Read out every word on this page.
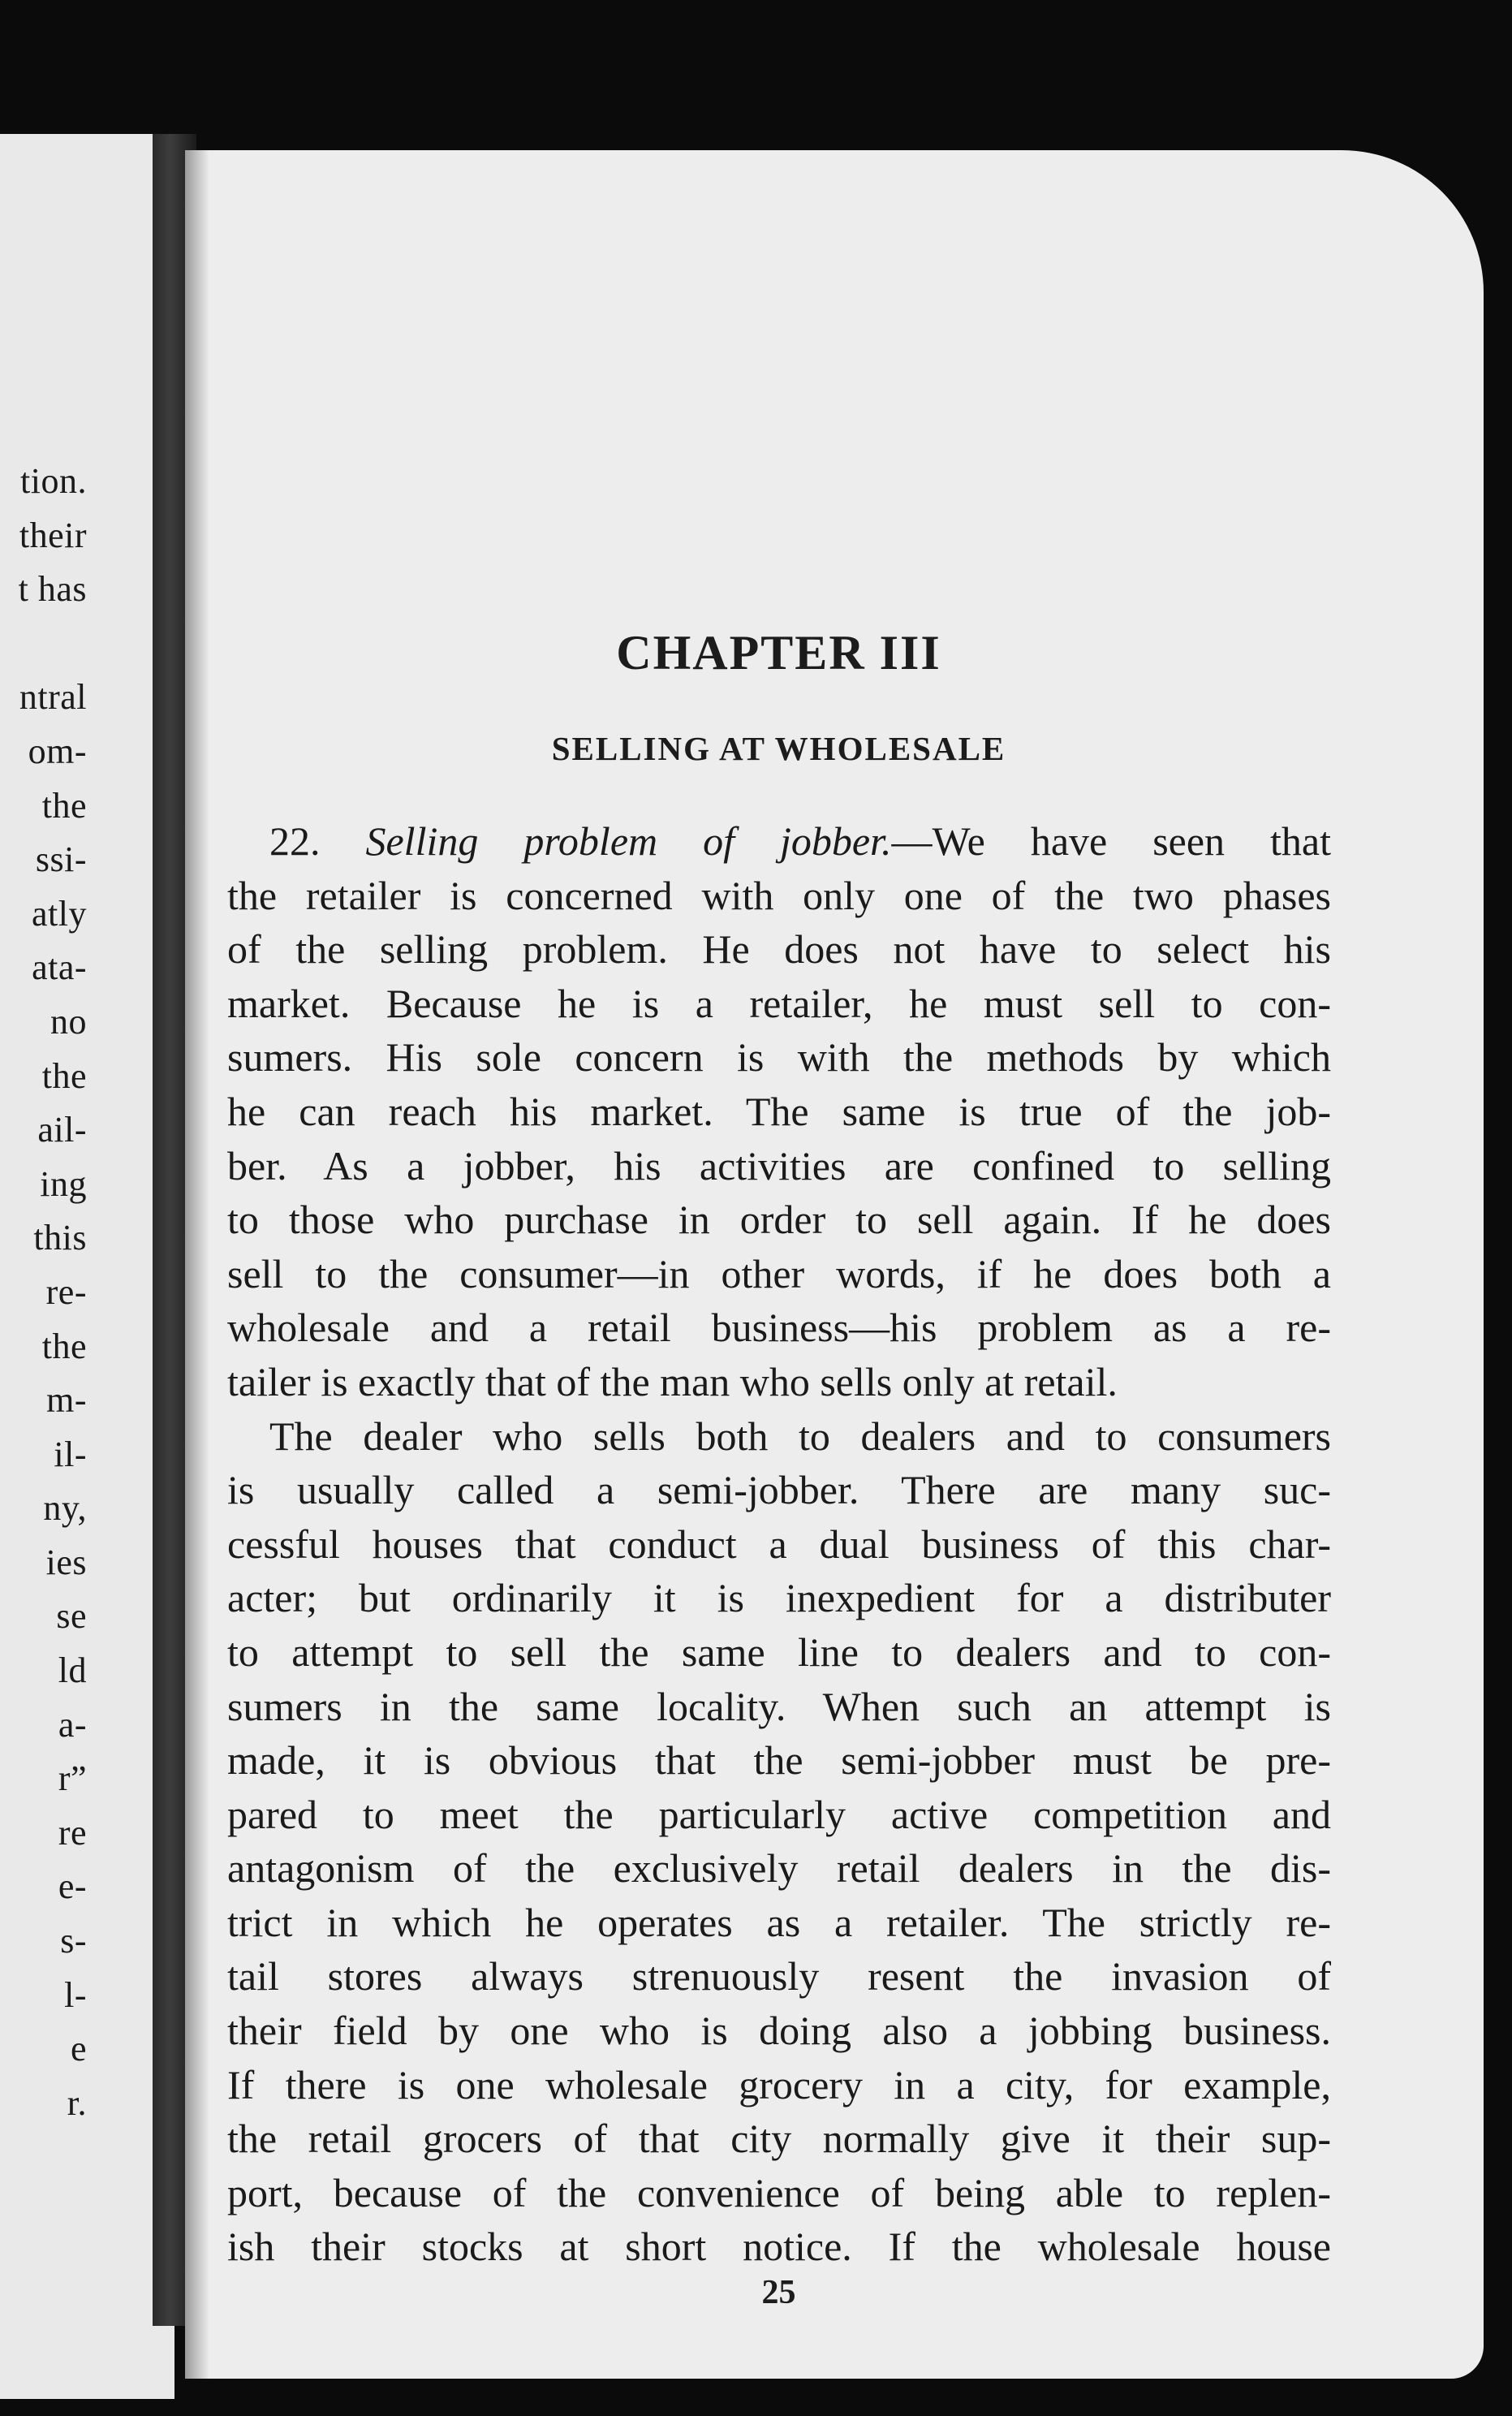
tion.
their
t has

ntral
om-
the
ssi-
atly
ata-
no
the
ail-
ing
this
re-
the
m-
il-
ny,
ies
se
ld
a-
r”
re
e-
s-
l-
e
r.
CHAPTER III
SELLING AT WHOLESALE
22. Selling problem of jobber.—We have seen that
the retailer is concerned with only one of the two phases
of the selling problem. He does not have to select his
market. Because he is a retailer, he must sell to con-
sumers. His sole concern is with the methods by which
he can reach his market. The same is true of the job-
ber. As a jobber, his activities are confined to selling
to those who purchase in order to sell again. If he does
sell to the consumer—in other words, if he does both a
wholesale and a retail business—his problem as a re-
tailer is exactly that of the man who sells only at retail.
The dealer who sells both to dealers and to consumers
is usually called a semi-jobber. There are many suc-
cessful houses that conduct a dual business of this char-
acter; but ordinarily it is inexpedient for a distributer
to attempt to sell the same line to dealers and to con-
sumers in the same locality. When such an attempt is
made, it is obvious that the semi-jobber must be pre-
pared to meet the particularly active competition and
antagonism of the exclusively retail dealers in the dis-
trict in which he operates as a retailer. The strictly re-
tail stores always strenuously resent the invasion of
their field by one who is doing also a jobbing business.
If there is one wholesale grocery in a city, for example,
the retail grocers of that city normally give it their sup-
port, because of the convenience of being able to replen-
ish their stocks at short notice. If the wholesale house
25
